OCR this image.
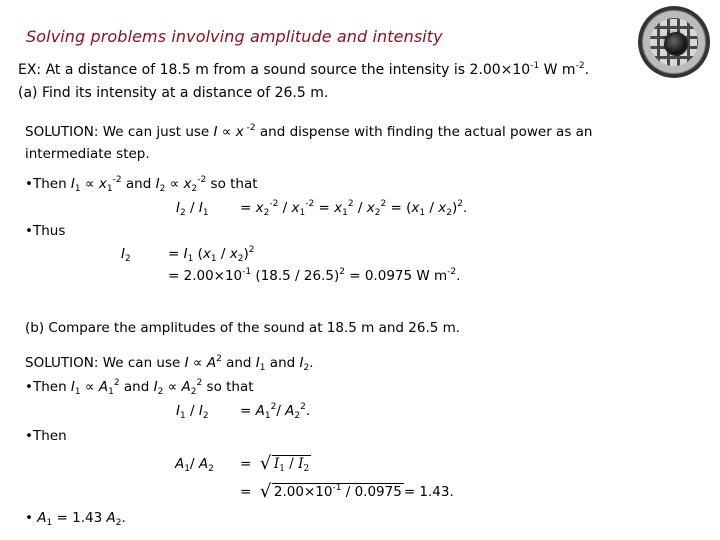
Solving problems involving amplitude and intensity
EX: At a distance of 18.5 m from a sound source the intensity is $2.00\times 10^{-1}$ W $m^{-2}$.
(a) Find its intensity at a distance of 26.5 m.
SOLUTION: We can just use I ∝ x $^{-2}$ and dispense with finding the actual power as an
intermediate step.
•Then $I_1 \propto x_1^{-2}$ and $I_2 \propto x_2^{-2}$ so that
$I_2 / I_1 = x_2^{-2} / x_1^{-2} = x_1^2 / x_2^2 = (x_1 / x_2)^2$.
•Thus
$I_2$	= $I_1$ $(x_1 / x_2)^2$
= $2.00\times 10^{-1}$ (18.5 / 26.5)$^2$ = 0.0975 W $m^{-2}$.
(b) Compare the amplitudes of the sound at 18.5 m and 26.5 m.
SOLUTION: We can use $I \propto A^2$ and $I_1$ and $I_2$.
•Then $I_1 \propto A_1^2$ and $I_2 \propto A_2^2$ so that
$I_1 / I_2 = A_1^2/$ $A_2^2$.
•Then
$A_1/$ $A_2$ =  √ $I_1 / I_2$
=  √ $2.00\times 10^{-1} / 0.0975 = 1.43$.
• $A_1 = 1.43$ $A_2$.
